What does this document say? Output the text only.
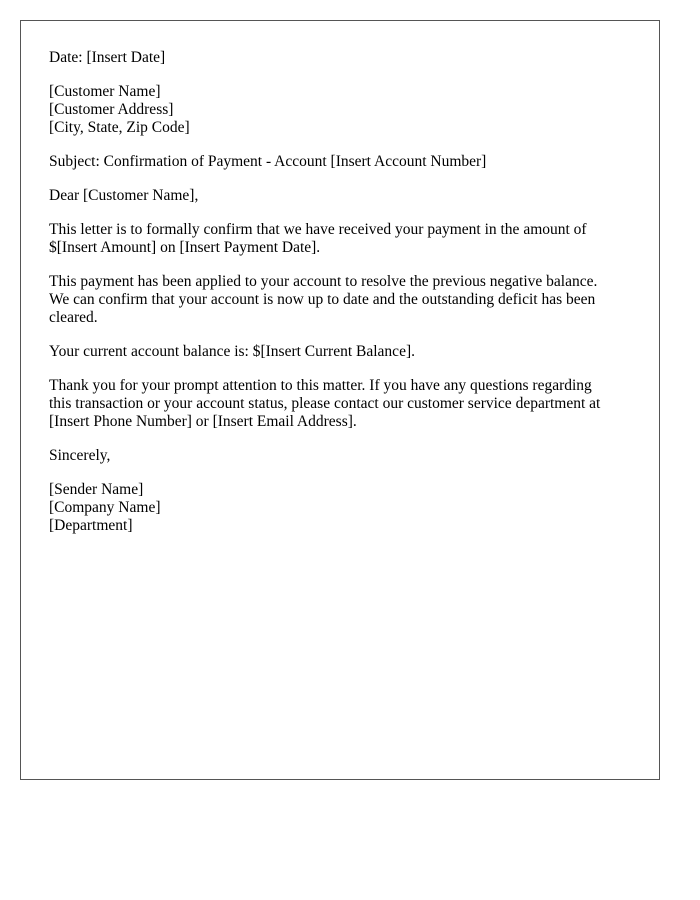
Date: [Insert Date]

[Customer Name]
[Customer Address]
[City, State, Zip Code]

Subject: Confirmation of Payment - Account [Insert Account Number]

Dear [Customer Name],

This letter is to formally confirm that we have received your payment in the amount of
$[Insert Amount] on [Insert Payment Date].

This payment has been applied to your account to resolve the previous negative balance.
We can confirm that your account is now up to date and the outstanding deficit has been
cleared.

Your current account balance is: $[Insert Current Balance].

Thank you for your prompt attention to this matter. If you have any questions regarding
this transaction or your account status, please contact our customer service department at
[Insert Phone Number] or [Insert Email Address].

Sincerely,

[Sender Name]
[Company Name]
[Department]
